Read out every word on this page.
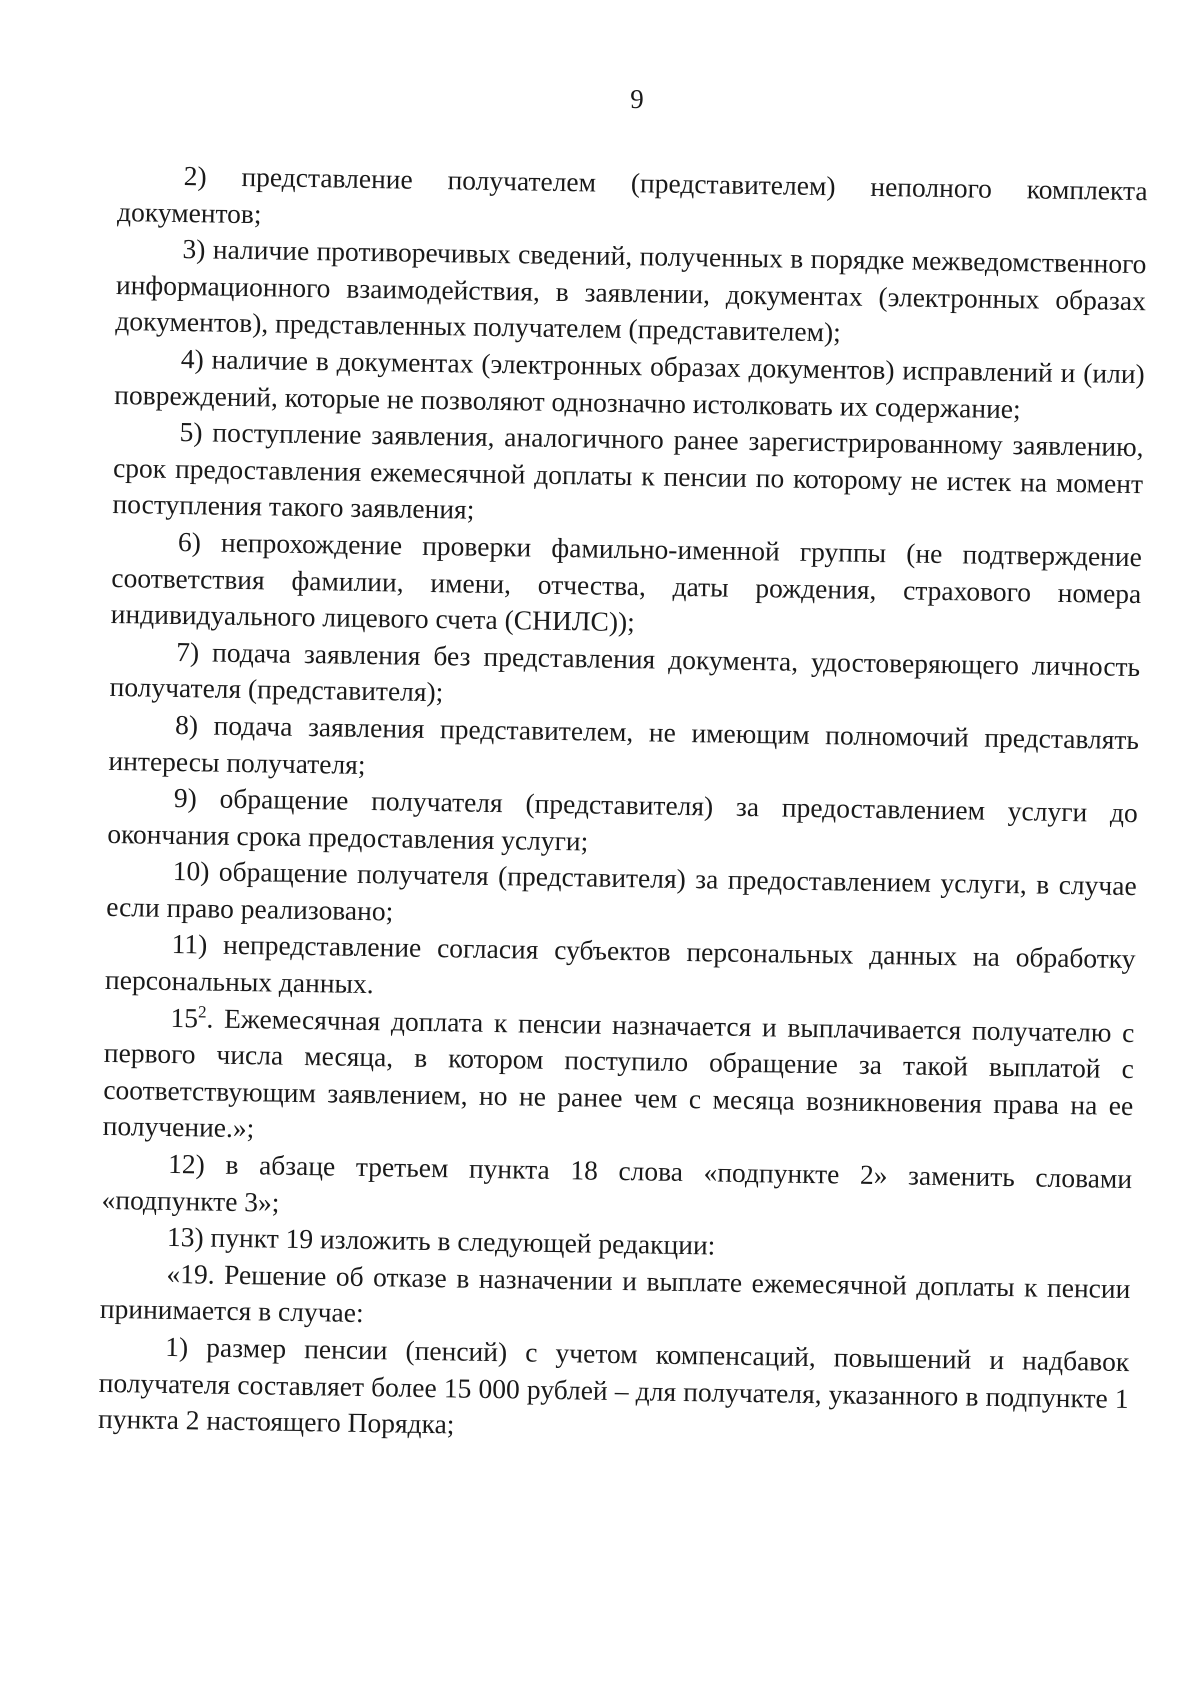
9

2) представление получателем (представителем) неполного комплекта документов;

3) наличие противоречивых сведений, полученных в порядке межведомственного информационного взаимодействия, в заявлении, документах (электронных образах документов), представленных получателем (представителем);

4) наличие в документах (электронных образах документов) исправлений и (или) повреждений, которые не позволяют однозначно истолковать их содержание;

5) поступление заявления, аналогичного ранее зарегистрированному заявлению, срок предоставления ежемесячной доплаты к пенсии по которому не истек на момент поступления такого заявления;

6) непрохождение проверки фамильно-именной группы (не подтверждение соответствия фамилии, имени, отчества, даты рождения, страхового номера индивидуального лицевого счета (СНИЛС));

7) подача заявления без представления документа, удостоверяющего личность получателя (представителя);

8) подача заявления представителем, не имеющим полномочий представлять интересы получателя;

9) обращение получателя (представителя) за предоставлением услуги до окончания срока предоставления услуги;

10) обращение получателя (представителя) за предоставлением услуги, в случае если право реализовано;

11) непредставление согласия субъектов персональных данных на обработку персональных данных.

$15^2$. Ежемесячная доплата к пенсии назначается и выплачивается получателю с первого числа месяца, в котором поступило обращение за такой выплатой с соответствующим заявлением, но не ранее чем с месяца возникновения права на ее получение.»;

12) в абзаце третьем пункта 18 слова «подпункте 2» заменить словами «подпункте 3»;

13) пункт 19 изложить в следующей редакции:

«19. Решение об отказе в назначении и выплате ежемесячной доплаты к пенсии принимается в случае:

1) размер пенсии (пенсий) с учетом компенсаций, повышений и надбавок получателя составляет более 15 000 рублей – для получателя, указанного в подпункте 1 пункта 2 настоящего Порядка;
